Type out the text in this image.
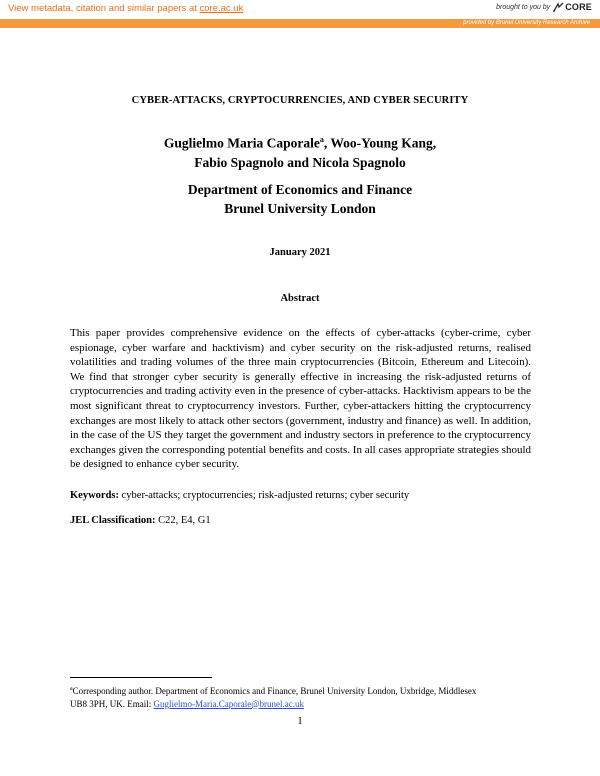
View metadata, citation and similar papers at core.ac.uk	brought to you by CORE
provided by Brunel University Research Archive
CYBER-ATTACKS, CRYPTOCURRENCIES, AND CYBER SECURITY
Guglielmo Maria Caporale$^a$, Woo-Young Kang,
Fabio Spagnolo and Nicola Spagnolo
Department of Economics and Finance
Brunel University London
January 2021
Abstract
This paper provides comprehensive evidence on the effects of cyber-attacks (cyber-crime, cyber espionage, cyber warfare and hacktivism) and cyber security on the risk-adjusted returns, realised volatilities and trading volumes of the three main cryptocurrencies (Bitcoin, Ethereum and Litecoin). We find that stronger cyber security is generally effective in increasing the risk-adjusted returns of cryptocurrencies and trading activity even in the presence of cyber-attacks. Hacktivism appears to be the most significant threat to cryptocurrency investors. Further, cyber-attackers hitting the cryptocurrency exchanges are most likely to attack other sectors (government, industry and finance) as well. In addition, in the case of the US they target the government and industry sectors in preference to the cryptocurrency exchanges given the corresponding potential benefits and costs. In all cases appropriate strategies should be designed to enhance cyber security.
Keywords: cyber-attacks; cryptocurrencies; risk-adjusted returns; cyber security
JEL Classification: C22, E4, G1
$^a$Corresponding author. Department of Economics and Finance, Brunel University London, Uxbridge, Middlesex
UB8 3PH, UK. Email: Guglielmo-Maria.Caporale@brunel.ac.uk
1
